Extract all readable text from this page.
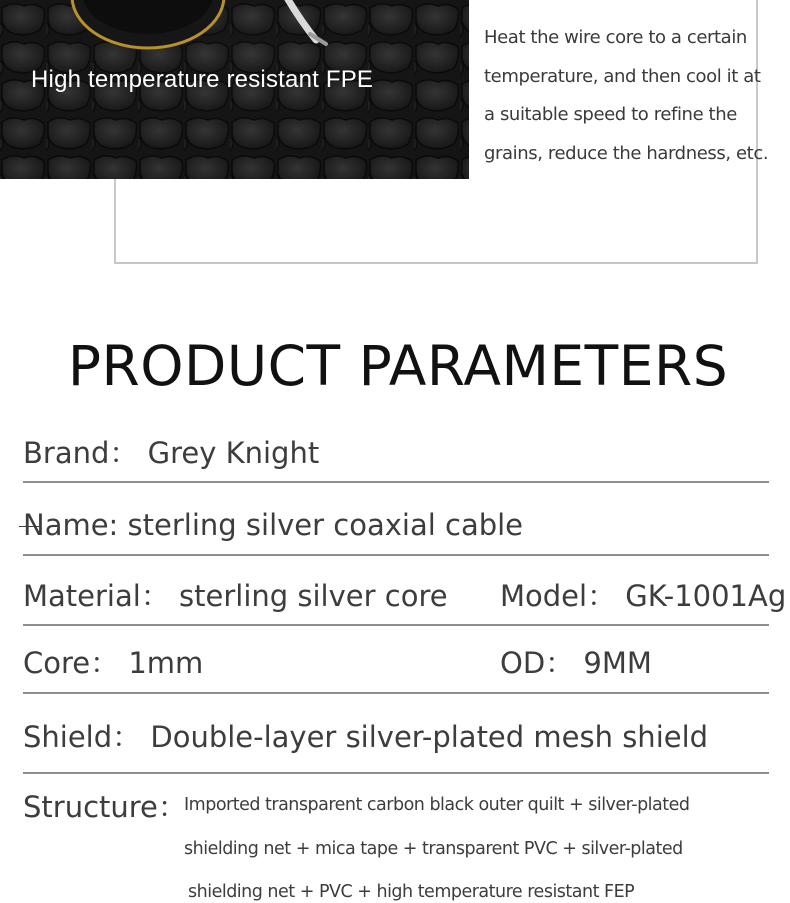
High temperature resistant FPE
Heat the wire core to a certain
temperature, and then cool it at
a suitable speed to refine the
grains, reduce the hardness, etc.
PRODUCT PARAMETERS
Brand： Grey Knight
Name: sterling silver coaxial cable
Material： sterling silver core Model： GK-1001Ag
Core： 1mm	OD： 9MM
Shield： Double-layer silver-plated mesh shield
Structure：
Imported transparent carbon black outer quilt + silver-plated
shielding net + mica tape + transparent PVC + silver-plated
shielding net + PVC + high temperature resistant FEP
